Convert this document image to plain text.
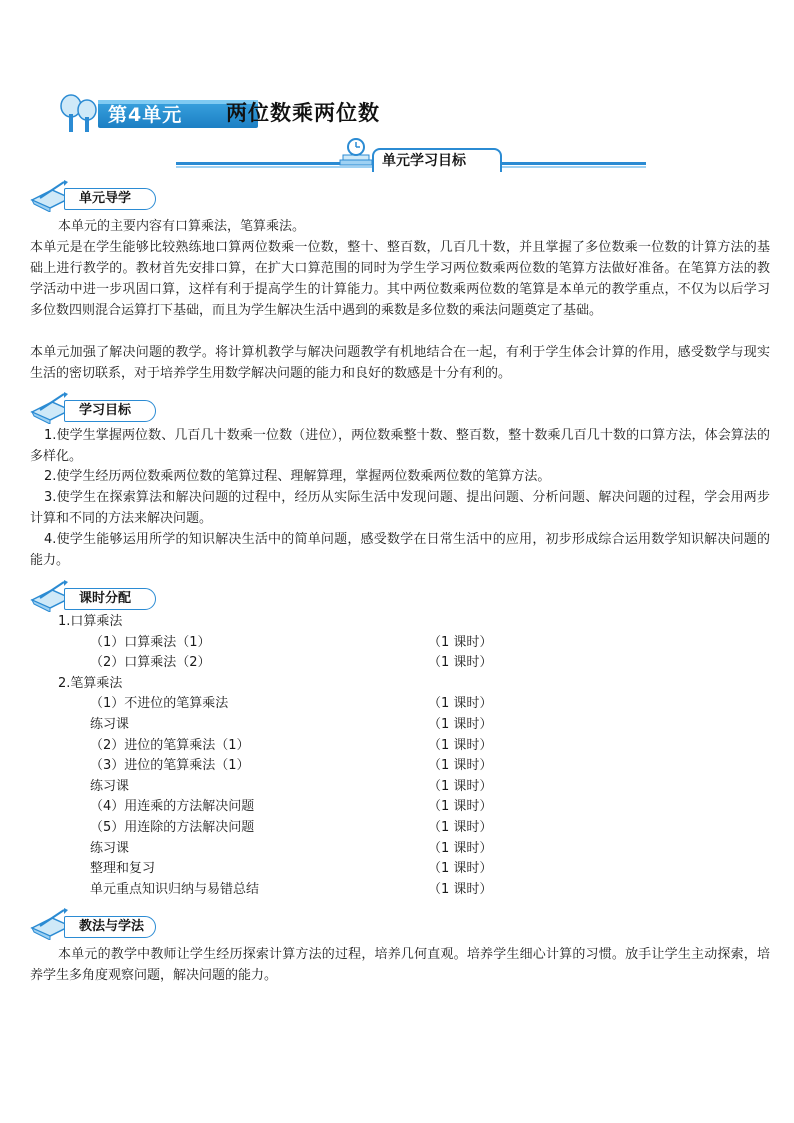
第4单元 两位数乘两位数
单元学习目标
单元导学

本单元的主要内容有口算乘法，笔算乘法。

本单元是在学生能够比较熟练地口算两位数乘一位数，整十、整百数，几百几十数，并且掌握了多位数乘一位数的计算方法的基础上进行教学的。教材首先安排口算，在扩大口算范围的同时为学生学习两位数乘两位数的笔算方法做好准备。在笔算方法的教学活动中进一步巩固口算，这样有利于提高学生的计算能力。其中两位数乘两位数的笔算是本单元的教学重点，不仅为以后学习多位数四则混合运算打下基础，而且为学生解决生活中遇到的乘数是多位数的乘法问题奠定了基础。

本单元加强了解决问题的教学。将计算机教学与解决问题教学有机地结合在一起，有利于学生体会计算的作用，感受数学与现实生活的密切联系，对于培养学生用数学解决问题的能力和良好的数感是十分有利的。

学习目标

1.使学生掌握两位数、几百几十数乘一位数（进位），两位数乘整十数、整百数，整十数乘几百几十数的口算方法，体会算法的多样化。

2.使学生经历两位数乘两位数的笔算过程、理解算理，掌握两位数乘两位数的笔算方法。

3.使学生在探索算法和解决问题的过程中，经历从实际生活中发现问题、提出问题、分析问题、解决问题的过程，学会用两步计算和不同的方法来解决问题。

4.使学生能够运用所学的知识解决生活中的简单问题，感受数学在日常生活中的应用，初步形成综合运用数学知识解决问题的能力。

课时分配
1.口算乘法
（1）口算乘法（1）	（1 课时）
（2）口算乘法（2）	（1 课时）
2.笔算乘法
（1）不进位的笔算乘法	（1 课时）
练习课	（1 课时）
（2）进位的笔算乘法（1）	（1 课时）
（3）进位的笔算乘法（1）	（1 课时）
练习课	（1 课时）
（4）用连乘的方法解决问题	（1 课时）
（5）用连除的方法解决问题	（1 课时）
练习课	（1 课时）
整理和复习	（1 课时）
单元重点知识归纳与易错总结	（1 课时）
教法与学法

本单元的教学中教师让学生经历探索计算方法的过程，培养几何直观。培养学生细心计算的习惯。放手让学生主动探索，培养学生多角度观察问题，解决问题的能力。
